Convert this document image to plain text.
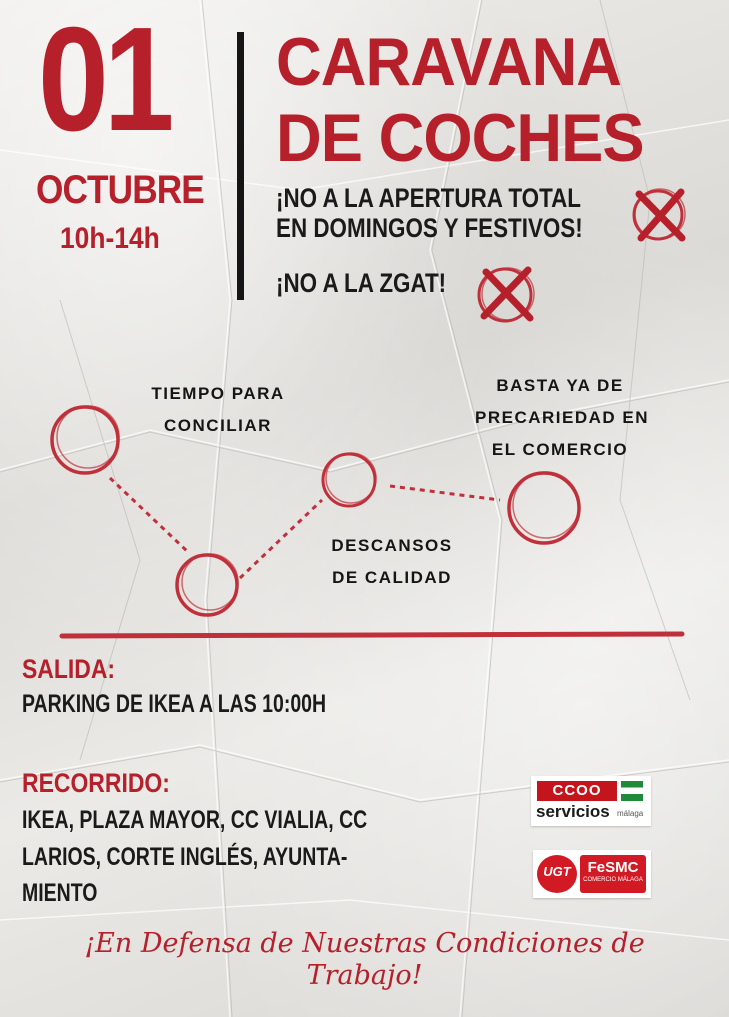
01
OCTUBRE
10h-14h
CARAVANA
DE COCHES
¡NO A LA APERTURA TOTAL
EN DOMINGOS Y FESTIVOS!
¡NO A LA ZGAT!
TIEMPO PARA
CONCILIAR
BASTA YA DE
PRECARIEDAD EN
EL COMERCIO
DESCANSOS
DE CALIDAD
SALIDA:
PARKING DE IKEA A LAS 10:00H
RECORRIDO:
IKEA, PLAZA MAYOR, CC VIALIA, CC
LARIOS, CORTE INGLÉS, AYUNTA-
MIENTO
CCOO
servicios málaga
UGT	FeSMC
COMERCIO MÁLAGA
¡En Defensa de Nuestras Condiciones de
Trabajo!
